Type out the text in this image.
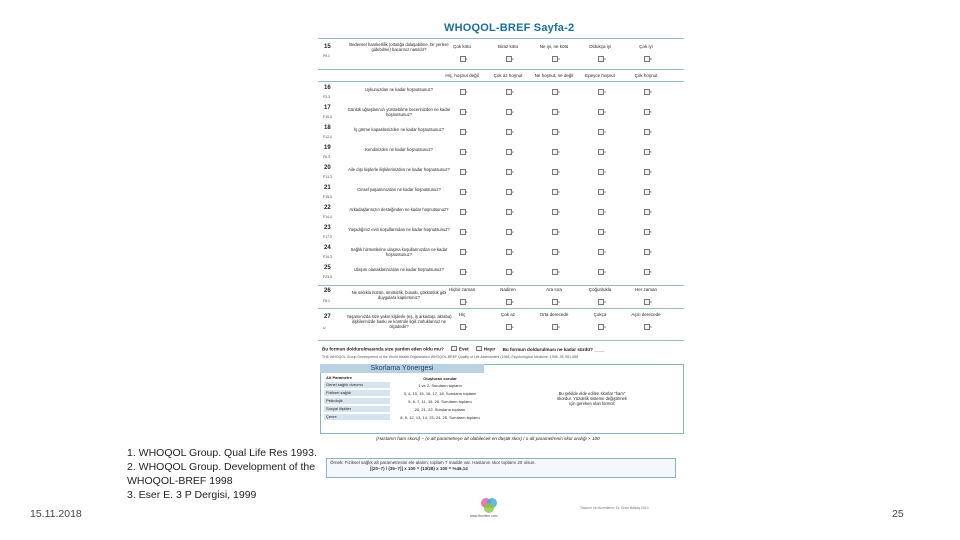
WHOQOL-BREF Sayfa-2
15
F9.1
Bedensel hareketlilik (ortalığa dolaşabilme, bir yerlere gidebilme) bacarınız nasıldır?
Çok kötü	Biraz kötü	Ne iyi, ne kötü	Oldukça iyi	Çok iyi
1	2	3	4	5
Hiç, hoşnut değil	Çok az hoşnut	Ne hoşnut, ne değil	Epeyce hoşnut	Çok hoşnut
16
F3.3
Uykunuzdan ne kadar hoşnutsunuz?	1	2	3	4	5
17
F10.3
Günlük uğraşlarınızı yürütebilme becerinizden ne kadar hoşnutsunuz?	1	2	3	4	5
18
F12.4
İş görme kapasitenizden ne kadar hoşnutsunuz?	1	2	3	4	5
19
F6.3
Kendinizden ne kadar hoşnutsunuz?	1	2	3	4	5
20
F13.3
Aile dışı kişilerle ilişkilerinizden ne kadar hoşnutsunuz?	1	2	3	4	5
21
F15.3
Cinsel yaşamınızdan ne kadar hoşnutsunuz?	1	2	3	4	5
22
F14.4
Arkadaşlarınızın desteğinden ne kadar hoşnutsunuz?	1	2	3	4	5
23
F17.3
Yaşadığınız evin koşullarından ne kadar hoşnutsunuz?	1	2	3	4	5
24
F19.3
Sağlık hizmetlerine ulaşma koşullarınızdan ne kadar hoşnutsunuz?	1	2	3	4	5
25
F23.3
Ulaşım olanaklarınızdan ne kadar hoşnutsunuz?	1	2	3	4	5
Hiçbir zaman	Nadiren	Ara sıra	Çoğunlukla	Her zaman
26
F8.1
Ne sıklıkla hüzün, ümitsizlik, bunaltı, çökkünlük gibi duygulara kapılırsınız?
1	2	3	4	5
Hiç	Çok az	Orta derecede	Çokça	Aşırı derecede
27
U
Yaşamınızda size yakın kişilerle (eş, iş arkadaşı, akraba) ilişkilerinizde baskı ve kontrole ilgili zorluklarınız ne ölçüdedir?	1	2	3	4	5
Bu formun doldurulmasında size yardım eden oldu mu?	Evet	Hayır Bu formun doldurulması ne kadar sürdü? ____
THE WHOQOL Group Development of the World Health Organization WHOQOL-BREF Quality of Life Assessment (1998) Psychological Medicine, 1998, 28, 551-558
Skorlama Yönergesi
Alt Parametre	Oluşturan sorular
Genel sağlık durumu	1 ve 2. Soruların toplamı
Fiziksel sağlık	3, 4, 10, 15, 16, 17, 18. Soruların toplamı
Psikolojik	5, 6, 7, 11, 19, 26. Soruların toplamı
Sosyal ilişkiler	20, 21, 22. Soruların toplamı
Çevre	8, 9, 12, 13, 14, 23, 24, 25. Soruların toplamı
Bu şekilde elde edilen skorlar "ham" skordur. Yüzdelik sisteme değiştirmek için gereken olan formül;
(Hastanın ham skoru) − (o alt parametreye ait olabilecek en düşük skor) / o alt parametrenin skor aralığı × 100
Örnek: Fiziksel sağlık alt parametresini ele alalım; toplam 7 madde var. Hastanın skor toplamı 20 olsun.
[(20−7) / (35−7)] x 100 = (13/28) x 100 = %46,14
www.ftronline.com
Tasarım ve düzenleme: Dr. Ersin Balkaş 2014
1. WHOQOL Group. Qual Life Res 1993.
2. WHOQOL Group. Development of the
WHOQOL-BREF 1998
3. Eser E. 3 P Dergisi, 1999
15.11.2018	25
